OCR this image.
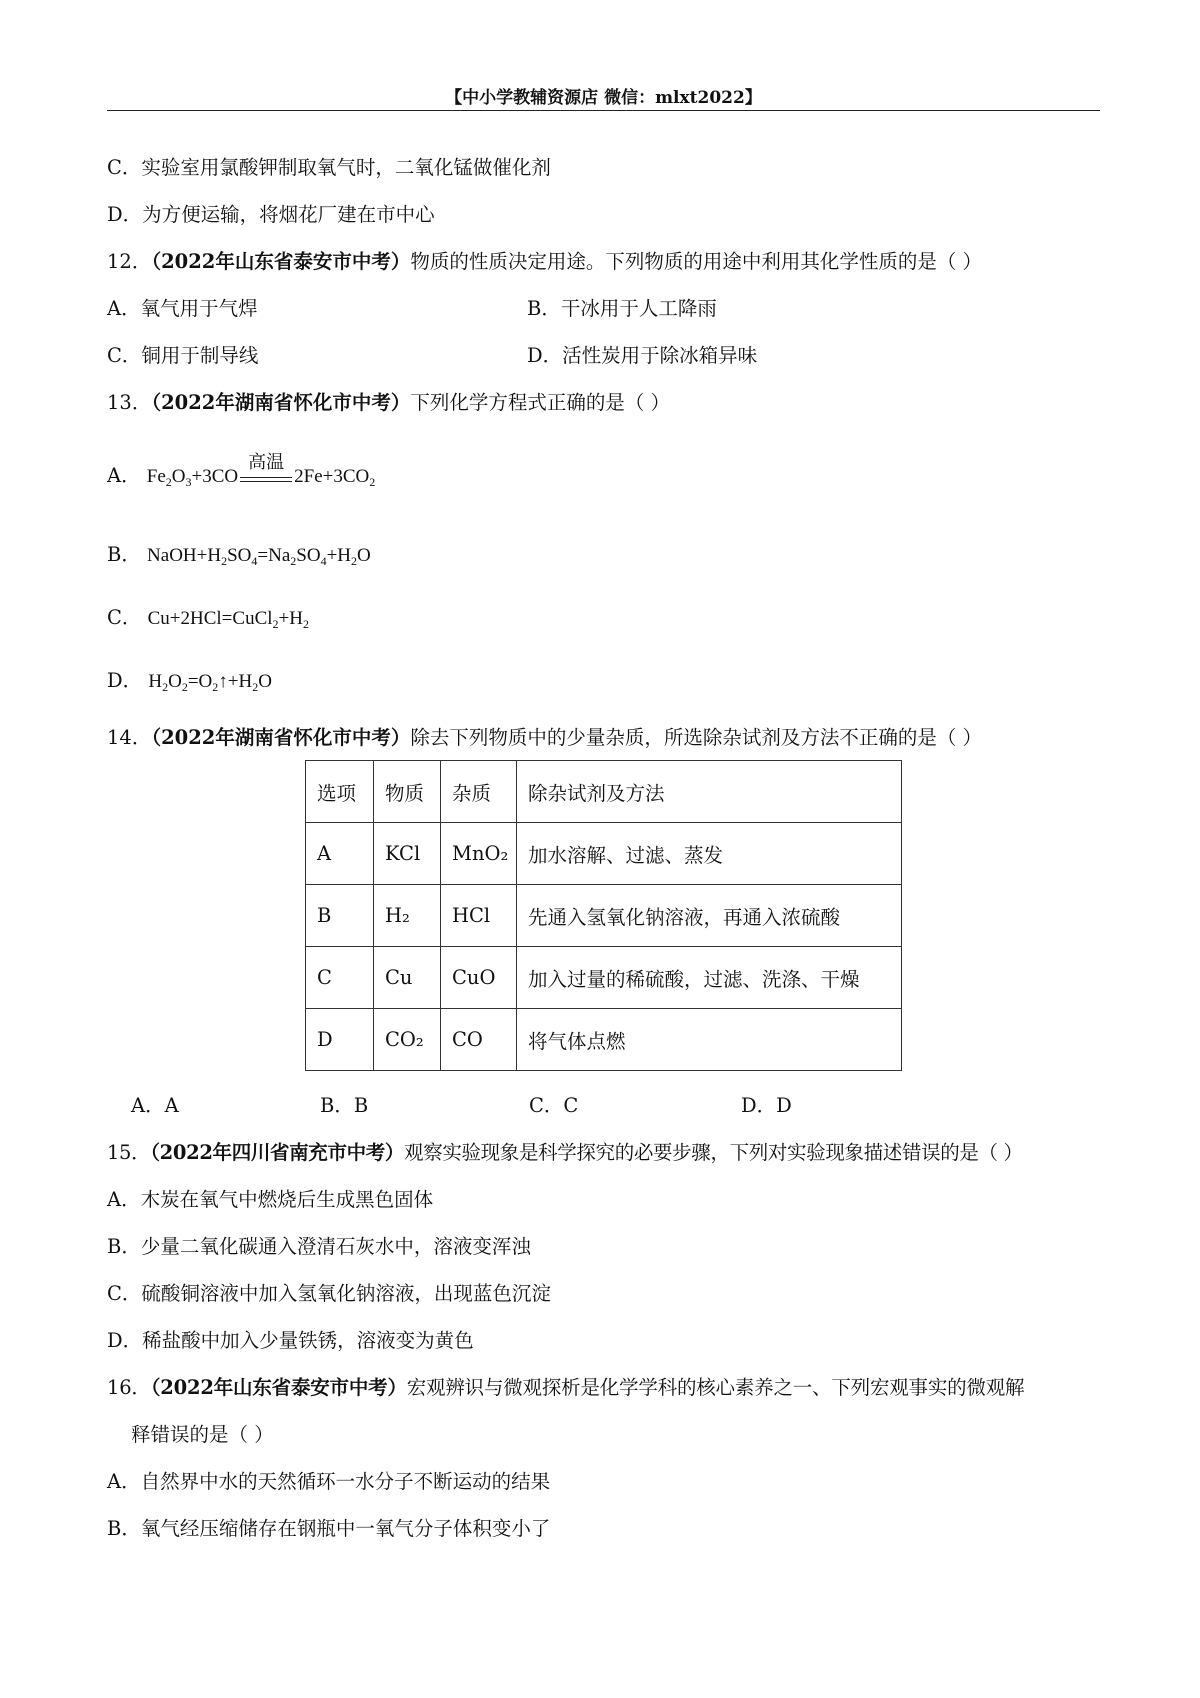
【中小学教辅资源店 微信：mlxt2022】
C．实验室用氯酸钾制取氧气时，二氧化锰做催化剂
D．为方便运输，将烟花厂建在市中心
12．（2022年山东省泰安市中考）物质的性质决定用途。下列物质的用途中利用其化学性质的是（ ）
A．氧气用于气焊	B．干冰用于人工降雨
C．铜用于制导线	D．活性炭用于除冰箱异味
13．（2022年湖南省怀化市中考）下列化学方程式正确的是（ ）
A． $Fe_2O_3+3CO$
高温
$2Fe+3CO_2$
B． $NaOH+H_2SO_4=Na_2SO_4+H_2O$
C． $Cu+2HCl=CuCl_2+H_2$
D． $H_2O_2=O_2↑+H_2O$
14．（2022年湖南省怀化市中考）除去下列物质中的少量杂质，所选除杂试剂及方法不正确的是（ ）
选项	物质	杂质	除杂试剂及方法
A	KCl	MnO₂	加水溶解、过滤、蒸发
B	H₂	HCl	先通入氢氧化钠溶液，再通入浓硫酸
C	Cu	CuO	加入过量的稀硫酸，过滤、洗涤、干燥
D	CO₂	CO	将气体点燃
A．A	B．B	C．C	D．D
15．（2022年四川省南充市中考）观察实验现象是科学探究的必要步骤，下列对实验现象描述错误的是（ ）
A．木炭在氧气中燃烧后生成黑色固体
B．少量二氧化碳通入澄清石灰水中，溶液变浑浊
C．硫酸铜溶液中加入氢氧化钠溶液，出现蓝色沉淀
D．稀盐酸中加入少量铁锈，溶液变为黄色
16．（2022年山东省泰安市中考）宏观辨识与微观探析是化学学科的核心素养之一、下列宏观事实的微观解
释错误的是（ ）
A．自然界中水的天然循环一水分子不断运动的结果
B．氧气经压缩储存在钢瓶中一氧气分子体积变小了
